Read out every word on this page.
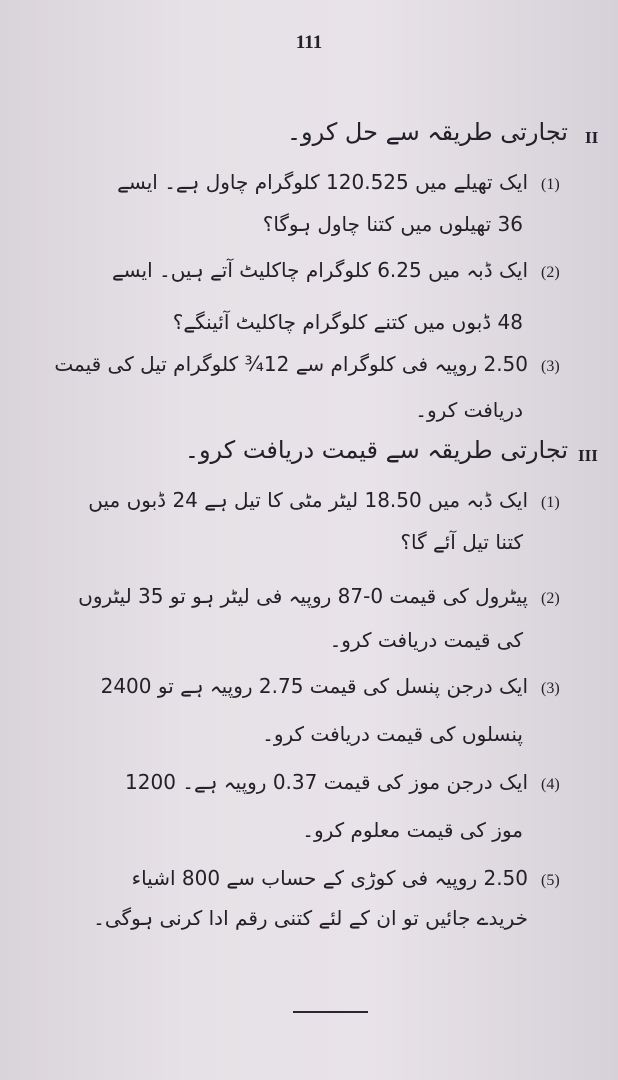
111
II
تجارتی طریقہ سے حل کرو۔
(1)
ایک تھیلے میں 120.525 کلوگرام چاول ہے۔ ایسے
36 تھیلوں میں کتنا چاول ہوگا؟
(2)
ایک ڈبہ میں 6.25 کلوگرام چاکلیٹ آتے ہیں۔ ایسے
48 ڈبوں میں کتنے کلوگرام چاکلیٹ آئینگے؟
(3)
2.50 روپیہ فی کلوگرام سے 12¾ کلوگرام تیل کی قیمت
دریافت کرو۔
III
تجارتی طریقہ سے قیمت دریافت کرو۔
(1)
ایک ڈبہ میں 18.50 لیٹر مٹی کا تیل ہے 24 ڈبوں میں
کتنا تیل آئے گا؟
(2)
پیٹرول کی قیمت 0-87 روپیہ فی لیٹر ہو تو 35 لیٹروں
کی قیمت دریافت کرو۔
(3)
ایک درجن پنسل کی قیمت 2.75 روپیہ ہے تو 2400
پنسلوں کی قیمت دریافت کرو۔
(4)
ایک درجن موز کی قیمت 0.37 روپیہ ہے۔ 1200
موز کی قیمت معلوم کرو۔
(5)
2.50 روپیہ فی کوڑی کے حساب سے 800 اشیاء
خریدے جائیں تو ان کے لئے کتنی رقم ادا کرنی ہوگی۔
